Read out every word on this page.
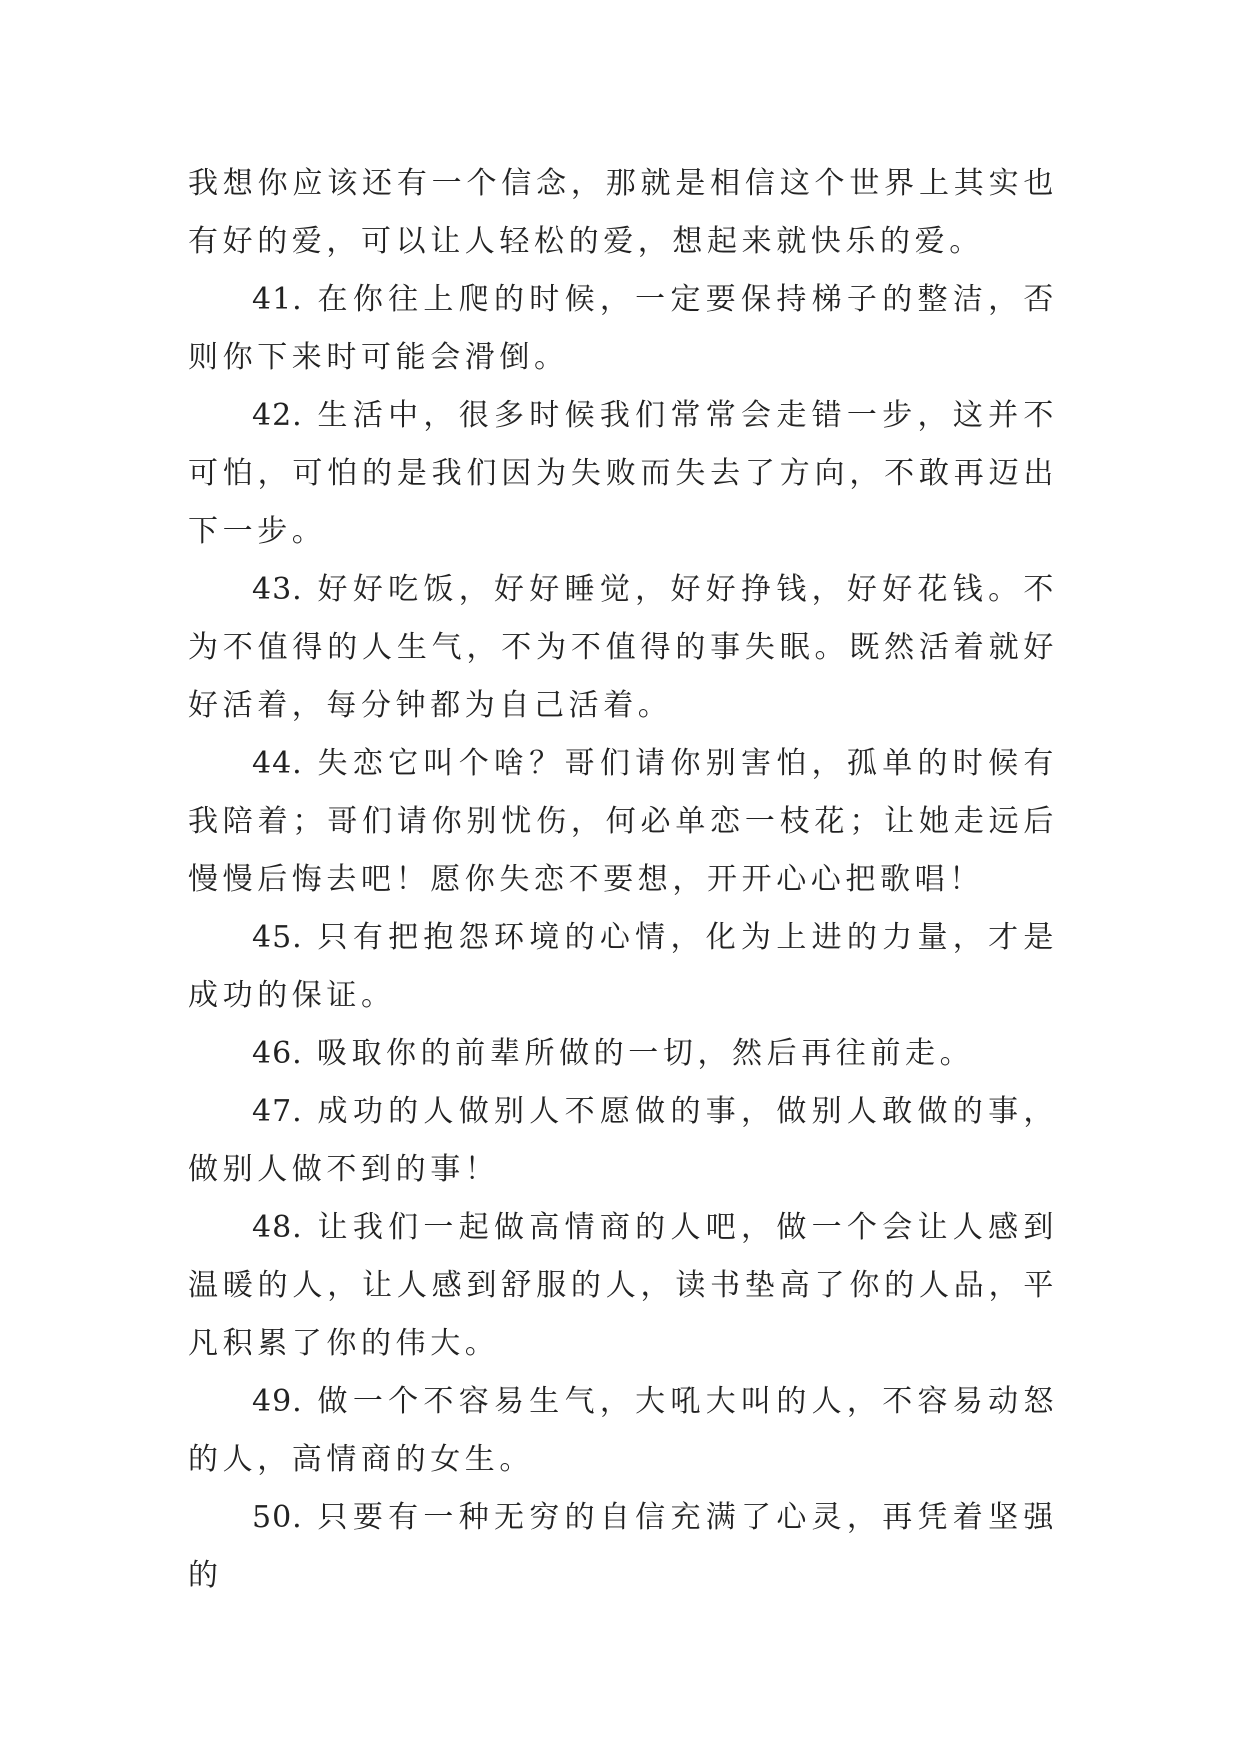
我想你应该还有一个信念，那就是相信这个世界上其实也有好的爱，可以让人轻松的爱，想起来就快乐的爱。

41. 在你往上爬的时候，一定要保持梯子的整洁，否则你下来时可能会滑倒。

42. 生活中，很多时候我们常常会走错一步，这并不可怕，可怕的是我们因为失败而失去了方向，不敢再迈出下一步。

43. 好好吃饭，好好睡觉，好好挣钱，好好花钱。不为不值得的人生气，不为不值得的事失眠。既然活着就好好活着，每分钟都为自己活着。

44. 失恋它叫个啥？哥们请你别害怕，孤单的时候有我陪着；哥们请你别忧伤，何必单恋一枝花；让她走远后慢慢后悔去吧！愿你失恋不要想，开开心心把歌唱！

45. 只有把抱怨环境的心情，化为上进的力量，才是成功的保证。

46. 吸取你的前辈所做的一切，然后再往前走。

47. 成功的人做别人不愿做的事，做别人敢做的事，做别人做不到的事！

48. 让我们一起做高情商的人吧，做一个会让人感到温暖的人，让人感到舒服的人，读书垫高了你的人品，平凡积累了你的伟大。

49. 做一个不容易生气，大吼大叫的人，不容易动怒的人，高情商的女生。

50. 只要有一种无穷的自信充满了心灵，再凭着坚强的
